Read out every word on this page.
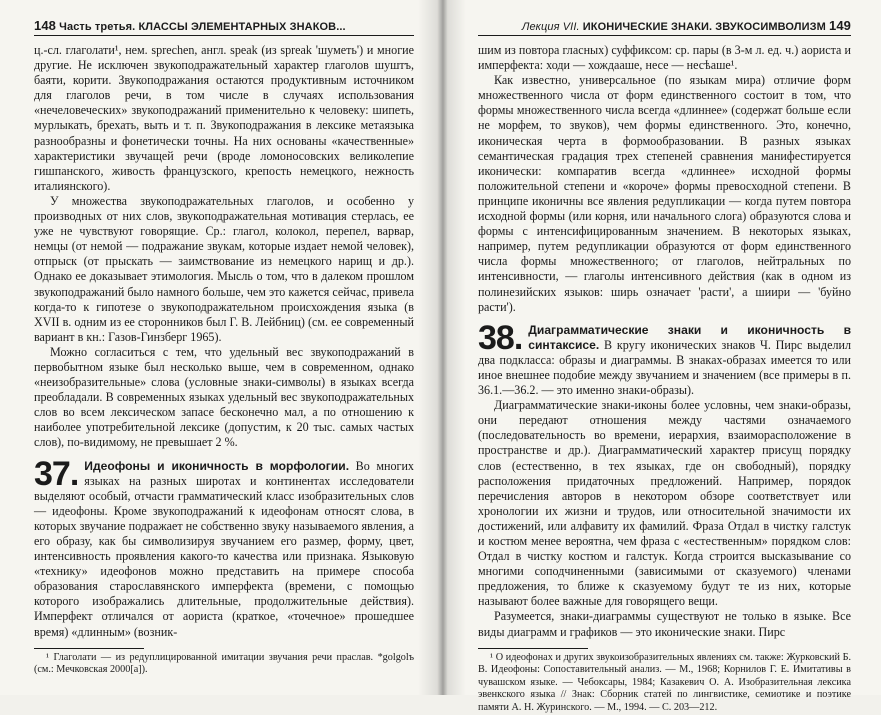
148 Часть третья. КЛАССЫ ЭЛЕМЕНТАРНЫХ ЗНАКОВ...

ц.-сл. глаголати¹, нем. sprechen, англ. speak (из spreak 'шуметь') и многие другие. Не исключен звукоподражательный характер глаголов шуштъ, баяти, корити. Звукоподражания остаются продуктивным источником для глаголов речи, в том числе в случаях использования «нечеловеческих» звукоподражаний применительно к человеку: шипеть, мурлыкать, брехать, выть и т. п. Звукоподражания в лексике метаязыка разнообразны и фонетически точны. На них основаны «качественные» характеристики звучащей речи (вроде ломоносовских великолепие гишпанского, живость французского, крепость немецкого, нежность италиянского).

У множества звукоподражательных глаголов, и особенно у производных от них слов, звукоподражательная мотивация стерлась, ее уже не чувствуют говорящие. Ср.: глагол, колокол, перепел, варвар, немцы (от немой — подражание звукам, которые издает немой человек), отпрыск (от прыскать — заимствование из немецкого нарищ и др.). Однако ее доказывает этимология. Мысль о том, что в далеком прошлом звукоподражаний было намного больше, чем это кажется сейчас, привела когда-то к гипотезе о звукоподражательном происхождения языка (в XVII в. одним из ее сторонников был Г. В. Лейбниц) (см. ее современный вариант в кн.: Газов-Гинзберг 1965).

Можно согласиться с тем, что удельный вес звукоподражаний в первобытном языке был несколько выше, чем в современном, однако «неизобразительные» слова (условные знаки-символы) в языках всегда преобладали. В современных языках удельный вес звукоподражательных слов во всем лексическом запасе бесконечно мал, а по отношению к наиболее употребительной лексике (допустим, к 20 тыс. самых частых слов), по-видимому, не превышает 2 %.

37. Идеофоны и иконичность в морфологии. Во многих языках на разных широтах и континентах исследователи выделяют особый, отчасти грамматический класс изобразительных слов — идеофоны. Кроме звукоподражаний к идеофонам относят слова, в которых звучание подражает не собственно звуку называемого явления, а его образу, как бы символизируя звучанием его размер, форму, цвет, интенсивность проявления какого-то качества или признака. Языковую «технику» идеофонов можно представить на примере способа образования старославянского имперфекта (времени, с помощью которого изображались длительные, продолжительные действия). Имперфект отличался от аориста (краткое, «точечное» прошедшее время) «длинным» (возник-

¹ Глаголати — из редуплицированной имитации звучания речи праслав. *golgolъ (см.: Мечковская 2000[а]).

Лекция VII. ИКОНИЧЕСКИЕ ЗНАКИ. ЗВУКОСИМВОЛИЗМ 149

шим из повтора гласных) суффиксом: ср. пары (в 3-м л. ед. ч.) аориста и имперфекта: ходи — хождааше, несе — несѣаше¹.

Как известно, универсальное (по языкам мира) отличие форм множественного числа от форм единственного состоит в том, что формы множественного числа всегда «длиннее» (содержат больше если не морфем, то звуков), чем формы единственного. Это, конечно, иконическая черта в формообразовании. В разных языках семантическая градация трех степеней сравнения манифестируется иконически: компаратив всегда «длиннее» исходной формы положительной степени и «короче» формы превосходной степени. В принципе иконичны все явления редупликации — когда путем повтора исходной формы (или корня, или начального слога) образуются слова и формы с интенсифицированным значением. В некоторых языках, например, путем редупликации образуются от форм единственного числа формы множественного; от глаголов, нейтральных по интенсивности, — глаголы интенсивного действия (как в одном из полинезийских языков: ширь означает 'расти', а шиири — 'буйно расти').

38. Диаграмматические знаки и иконичность в синтаксисе. В кругу иконических знаков Ч. Пирс выделил два подкласса: образы и диаграммы. В знаках-образах имеется то или иное внешнее подобие между звучанием и значением (все примеры в п. 36.1.—36.2. — это именно знаки-образы).

Диаграмматические знаки-иконы более условны, чем знаки-образы, они передают отношения между частями означаемого (последовательность во времени, иерархия, взаиморасположение в пространстве и др.). Диаграмматический характер присущ порядку слов (естественно, в тех языках, где он свободный), порядку расположения придаточных предложений. Например, порядок перечисления авторов в некотором обзоре соответствует или хронологии их жизни и трудов, или относительной значимости их достижений, или алфавиту их фамилий. Фраза Отдал в чистку галстук и костюм менее вероятна, чем фраза с «естественным» порядком слов: Отдал в чистку костюм и галстук. Когда строится высказывание со многими соподчиненными (зависимыми от сказуемого) членами предложения, то ближе к сказуемому будут те из них, которые называют более важные для говорящего вещи.

Разумеется, знаки-диаграммы существуют не только в языке. Все виды диаграмм и графиков — это иконические знаки. Пирс

¹ О идеофонах и других звукоизобразительных явлениях см. также: Журковский Б. В. Идеофоны: Сопоставительный анализ. — М., 1968; Корнилов Г. Е. Имитативы в чувашском языке. — Чебоксары, 1984; Казакевич О. А. Изобразительная лексика эвенкского языка // Знак: Сборник статей по лингвистике, семиотике и поэтике памяти А. Н. Журинского. — М., 1994. — С. 203—212.
